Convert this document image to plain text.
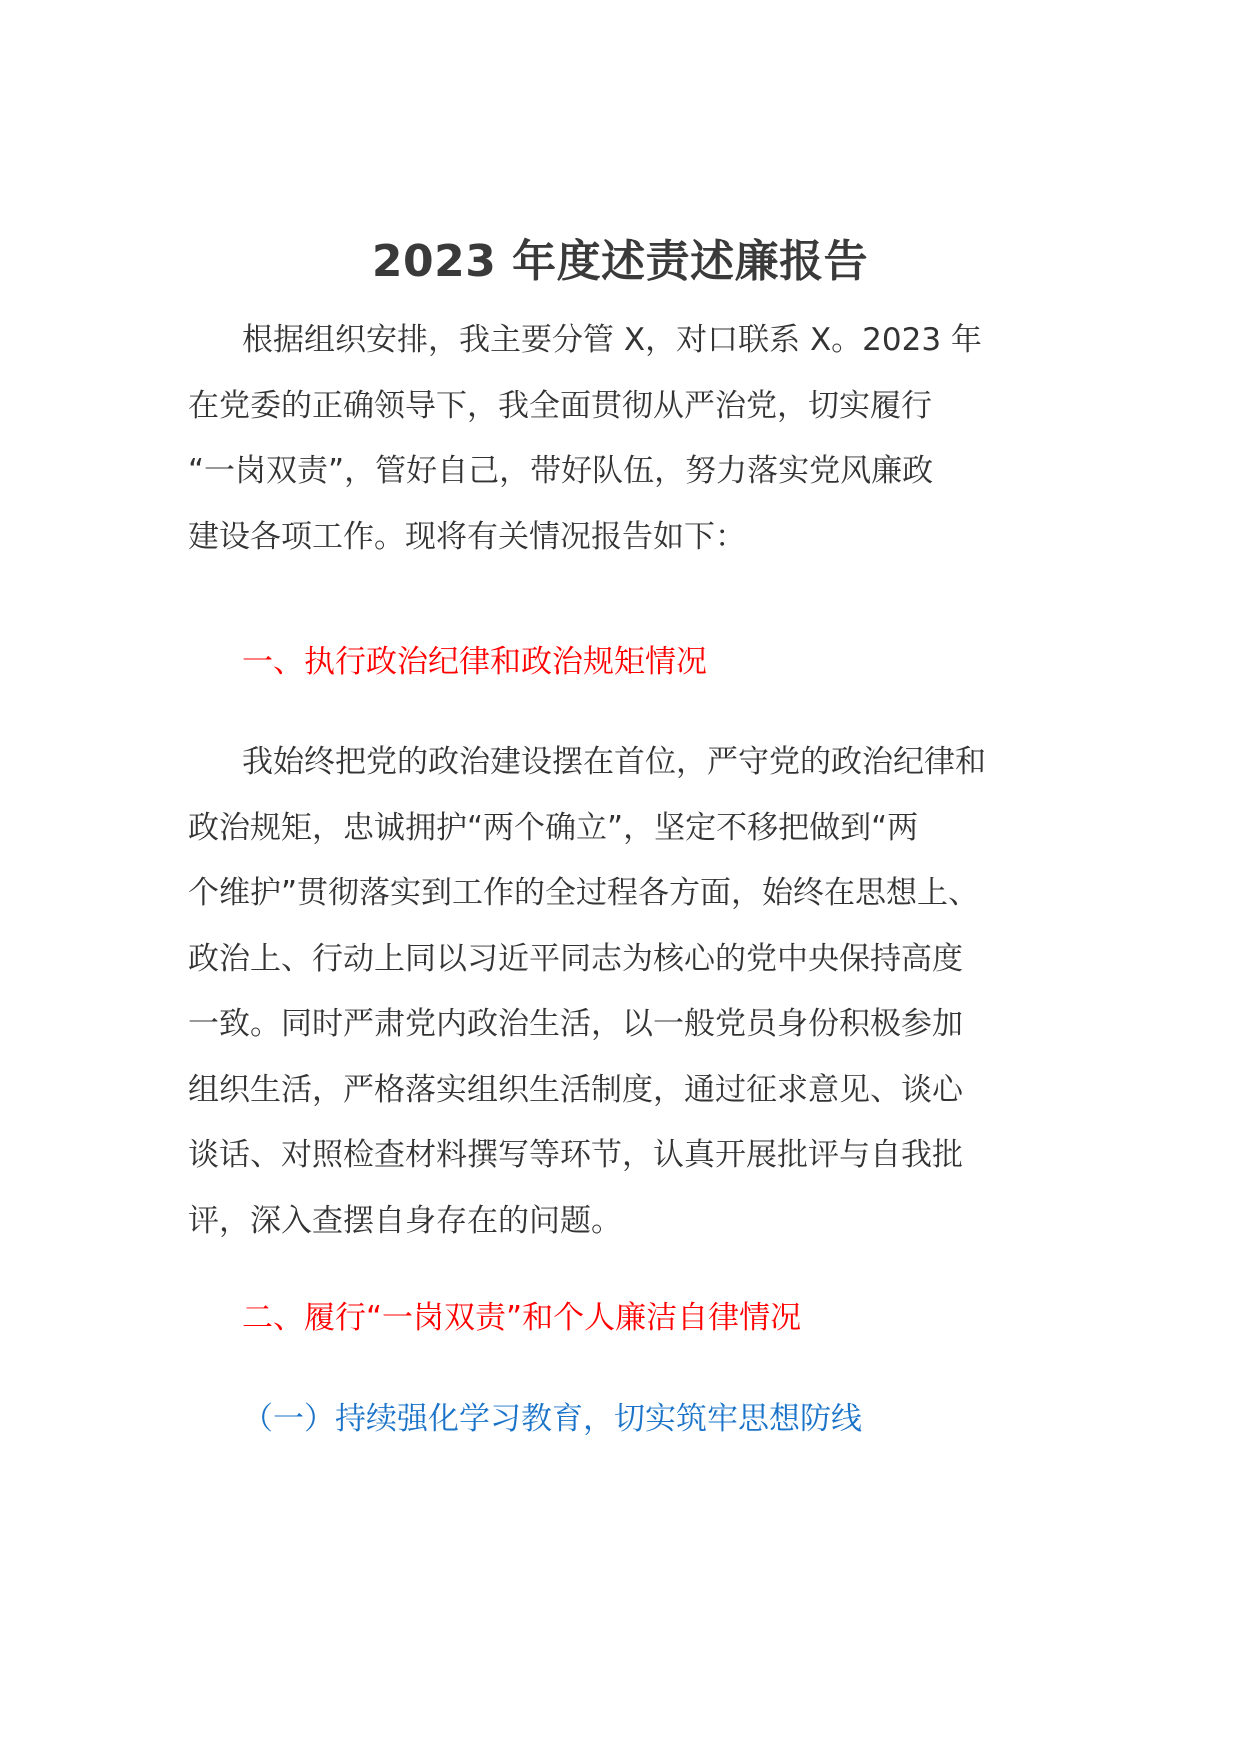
2023 年度述责述廉报告
根据组织安排，我主要分管 X，对口联系 X。2023 年
在党委的正确领导下，我全面贯彻从严治党，切实履行
“一岗双责”，管好自己，带好队伍，努力落实党风廉政
建设各项工作。现将有关情况报告如下：
一、执行政治纪律和政治规矩情况
我始终把党的政治建设摆在首位，严守党的政治纪律和
政治规矩，忠诚拥护“两个确立”，坚定不移把做到“两
个维护”贯彻落实到工作的全过程各方面，始终在思想上、
政治上、行动上同以习近平同志为核心的党中央保持高度
一致。同时严肃党内政治生活，以一般党员身份积极参加
组织生活，严格落实组织生活制度，通过征求意见、谈心
谈话、对照检查材料撰写等环节，认真开展批评与自我批
评，深入查摆自身存在的问题。
二、履行“一岗双责”和个人廉洁自律情况
（一）持续强化学习教育，切实筑牢思想防线
